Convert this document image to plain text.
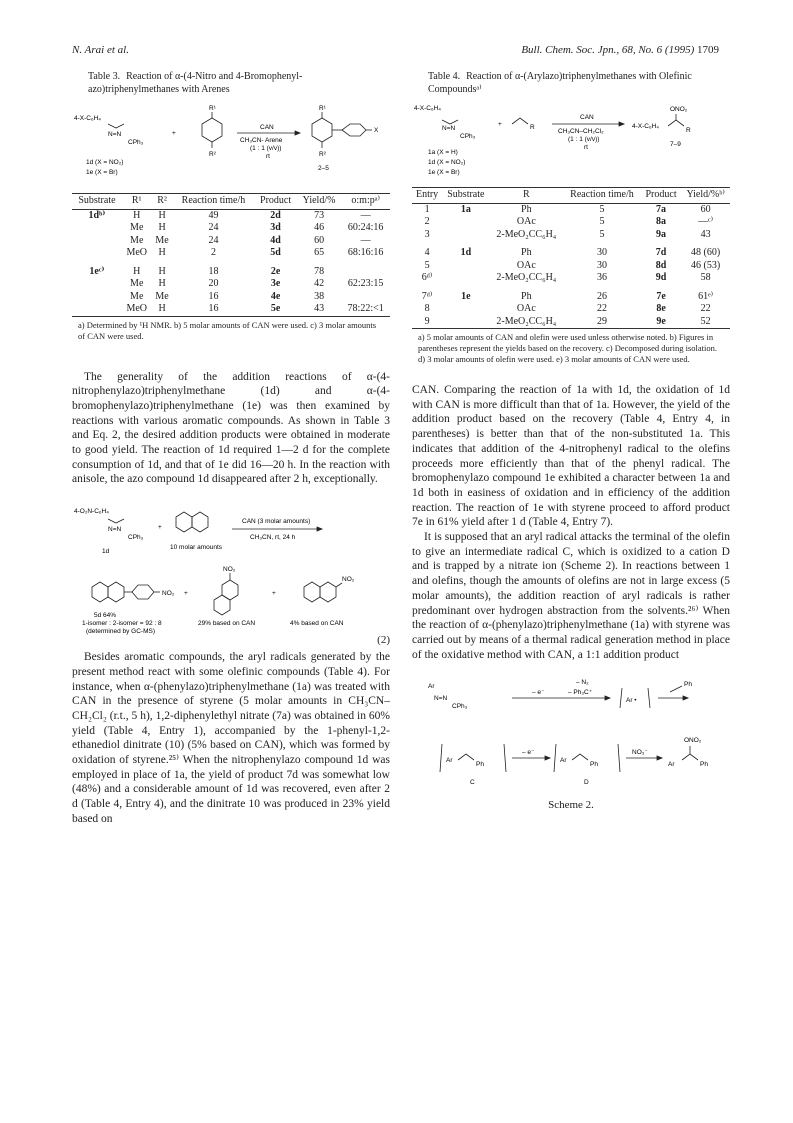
N. Arai et al.	Bull. Chem. Soc. Jpn., 68, No. 6 (1995) 1709
Table 3. Reaction of α-(4-Nitro and 4-Bromophenyl-azo)triphenylmethanes with Arenes
4-X-C₆H₄
N=N
CPh₃
+
R¹
R²
CAN
CH₃CN- Arene
(1 : 1 (v/v))
rt
R¹
R²
X
2–5
1d (X = NO₂)
1e (X = Br)
Substrate	R¹	R²	Reaction time/h	Product	Yield/%	o:m:pᵃ⁾
1dᵇ⁾	H	H	49	2d	73	—
	Me	H	24	3d	46	60:24:16
	Me	Me	24	4d	60	—
	MeO	H	2	5d	65	68:16:16
1eᶜ⁾	H	H	18	2e	78	
	Me	H	20	3e	42	62:23:15
	Me	Me	16	4e	38	
	MeO	H	16	5e	43	78:22:<1

a) Determined by ¹H NMR. b) 5 molar amounts of CAN were used. c) 3 molar amounts of CAN were used.

The generality of the addition reactions of α-(4-nitrophenylazo)triphenylmethane (1d) and α-(4-bromophenylazo)triphenylmethane (1e) was then examined by reactions with various aromatic compounds. As shown in Table 3 and Eq. 2, the desired addition products were obtained in moderate to good yield. The reaction of 1d required 1—2 d for the complete consumption of 1d, and that of 1e did 16—20 h. In the reaction with anisole, the azo compound 1d disappeared after 2 h, exceptionally.

4-O₂N-C₆H₄
N=N
CPh₃
1d
+
10 molar amounts
CAN (3 molar amounts)
CH₃CN, rt, 24 h
NO₂
5d 64%
1-isomer : 2-isomer = 92 : 8
(determined by GC-MS)
+
NO₂
29% based on CAN
+
NO₂
4% based on CAN
(2)

Besides aromatic compounds, the aryl radicals generated by the present method react with some olefinic compounds (Table 4). For instance, when α-(phenylazo)triphenylmethane (1a) was treated with CAN in the presence of styrene (5 molar amounts in CH₃CN–CH₂Cl₂ (r.t., 5 h), 1,2-diphenylethyl nitrate (7a) was obtained in 60% yield (Table 4, Entry 1), accompanied by the 1-phenyl-1,2-ethanediol dinitrate (10) (5% based on CAN), which was formed by oxidation of styrene.²⁵⁾ When the nitrophenylazo compound 1d was employed in place of 1a, the yield of product 7d was somewhat low (48%) and a considerable amount of 1d was recovered, even after 2 d (Table 4, Entry 4), and the dinitrate 10 was produced in 23% yield based on

Table 4. Reaction of α-(Arylazo)triphenylmethanes with Olefinic Compoundsᵃ⁾
4-X-C₆H₄
N=N
CPh₃
+	R
CAN
CH₃CN–CH₂Cl₂
(1 : 1 (v/v))
rt
4-X-C₆H₄
ONO₂
R
7–9
1a (X = H)
1d (X = NO₂)
1e (X = Br)
Entry	Substrate	R	Reaction time/h	Product	Yield/%ᵇ⁾
1	1a	Ph	5	7a	60
2		OAc	5	8a	—ᶜ⁾
3		2-MeO₂CC₆H₄	5	9a	43
4	1d	Ph	30	7d	48 (60)
5		OAc	30	8d	46 (53)
6ᵈ⁾		2-MeO₂CC₆H₄	36	9d	58
7ᵈ⁾	1e	Ph	26	7e	61ᵉ⁾
8		OAc	22	8e	22
9		2-MeO₂CC₆H₄	29	9e	52

a) 5 molar amounts of CAN and olefin were used unless otherwise noted. b) Figures in parentheses represent the yields based on the recovery. c) Decomposed during isolation. d) 3 molar amounts of olefin were used. e) 3 molar amounts of CAN were used.

CAN. Comparing the reaction of 1a with 1d, the oxidation of 1d with CAN is more difficult than that of 1a. However, the yield of the addition product based on the recovery (Table 4, Entry 4, in parentheses) is better than that of the non-substituted 1a. This indicates that addition of the 4-nitrophenyl radical to the olefins proceeds more efficiently than that of the phenyl radical. The bromophenylazo compound 1e exhibited a character between 1a and 1d both in easiness of oxidation and in efficiency of the addition reaction. The reaction of 1e with styrene proceed to afford product 7e in 61% yield after 1 d (Table 4, Entry 7).

It is supposed that an aryl radical attacks the terminal of the olefin to give an intermediate radical C, which is oxidized to a cation D and is trapped by a nitrate ion (Scheme 2). In reactions between 1 and olefins, though the amounts of olefins are not in large excess (5 molar amounts), the addition reaction of aryl radicals is rather predominant over hydrogen abstraction from the solvents.²⁶⁾ When the reaction of α-(phenylazo)triphenylmethane (1a) with styrene was carried out by means of a thermal radical generation method in place of the oxidative method with CAN, a 1:1 addition product

Ar
N=N
CPh₃
– e⁻
– N₂
– Ph₃C⁺
Ar •
Ph
Ar
Ph
C
– e⁻
Ar
Ph
D
NO₃⁻
ONO₂
Ar	Ph
Scheme 2.
